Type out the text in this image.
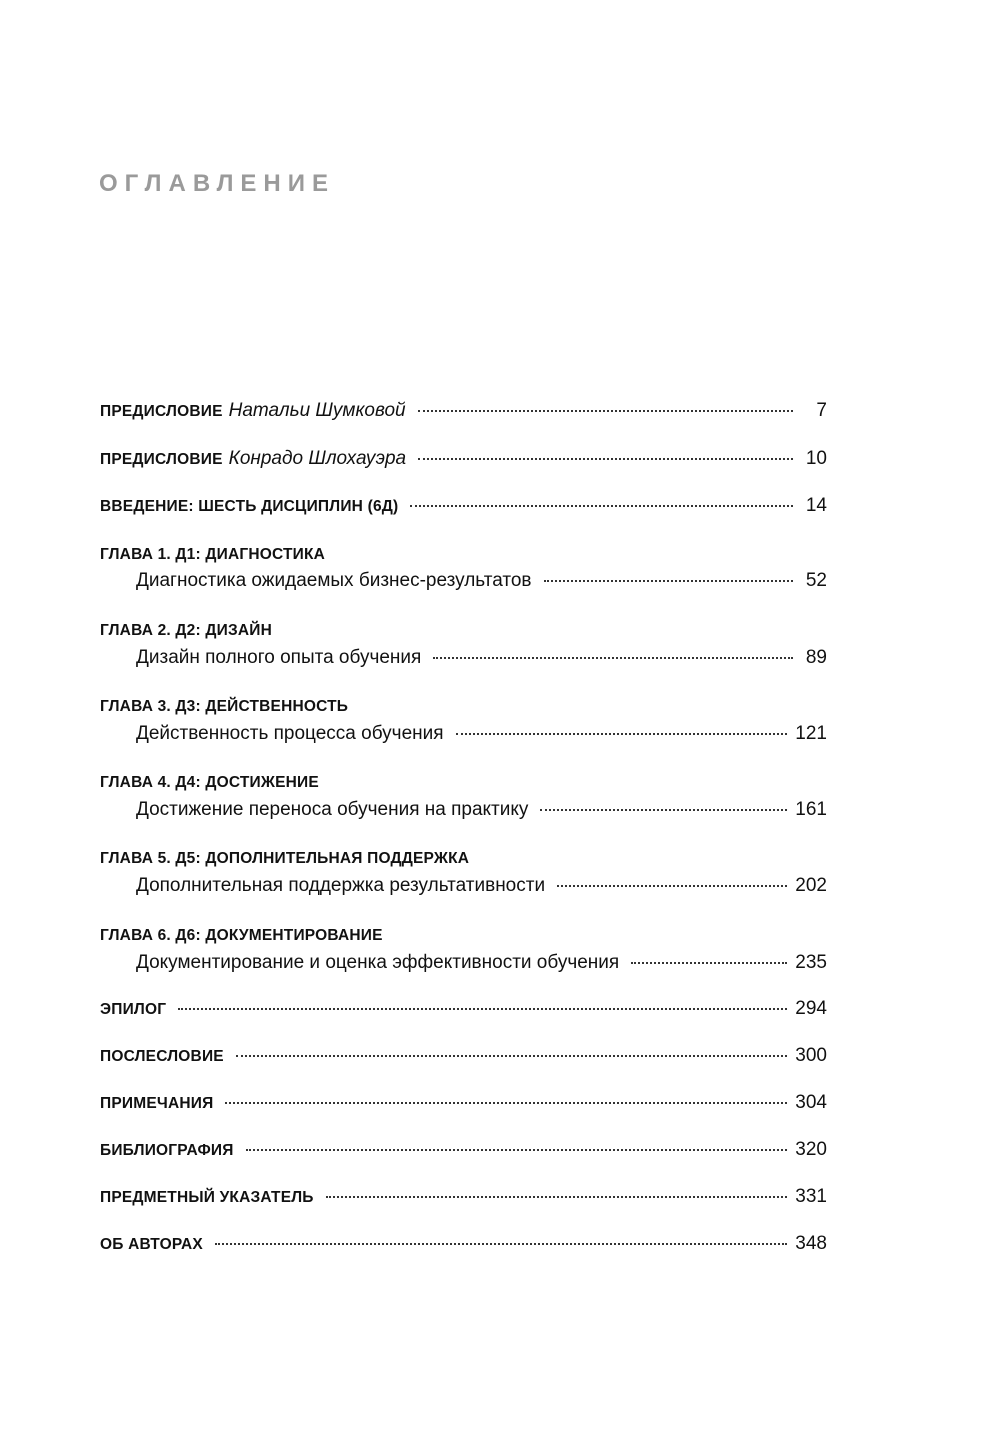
ОГЛАВЛЕНИЕ
ПРЕДИСЛОВИЕ Натальи Шумковой	7
ПРЕДИСЛОВИЕ Конрадо Шлохауэра	10
ВВЕДЕНИЕ: ШЕСТЬ ДИСЦИПЛИН (6Д)	14
ГЛАВА 1. Д1: ДИАГНОСТИКА
Диагностика ожидаемых бизнес-результатов	52
ГЛАВА 2. Д2: ДИЗАЙН
Дизайн полного опыта обучения	89
ГЛАВА 3. Д3: ДЕЙСТВЕННОСТЬ
Действенность процесса обучения	121
ГЛАВА 4. Д4: ДОСТИЖЕНИЕ
Достижение переноса обучения на практику	161
ГЛАВА 5. Д5: ДОПОЛНИТЕЛЬНАЯ ПОДДЕРЖКА
Дополнительная поддержка результативности	202
ГЛАВА 6. Д6: ДОКУМЕНТИРОВАНИЕ
Документирование и оценка эффективности обучения	235
ЭПИЛОГ	294
ПОСЛЕСЛОВИЕ	300
ПРИМЕЧАНИЯ	304
БИБЛИОГРАФИЯ	320
ПРЕДМЕТНЫЙ УКАЗАТЕЛЬ	331
ОБ АВТОРАХ	348
